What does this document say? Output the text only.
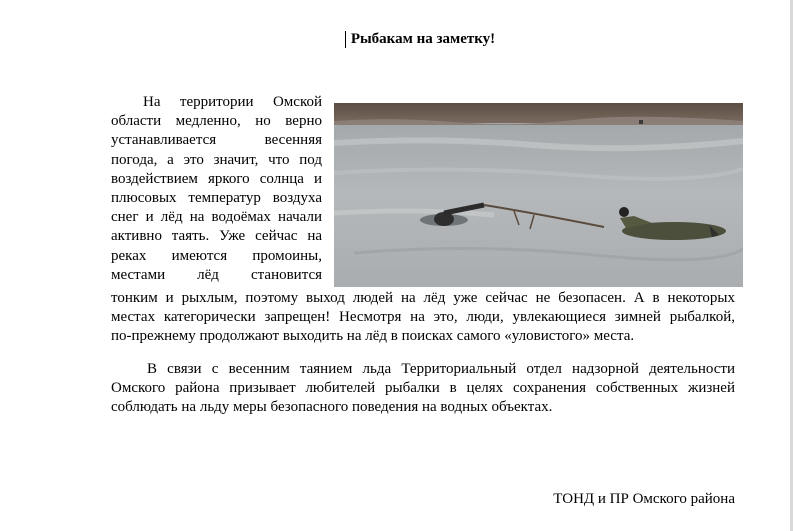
Рыбакам на заметку!
На территории Омской
области медленно, но верно
устанавливается весенняя
погода, а это значит, что под
воздействием яркого солнца и
плюсовых температур воздуха
снег и лёд на водоёмах начали
активно таять. Уже сейчас на
реках имеются промоины,
местами лёд становится
тонким и рыхлым, поэтому выход людей на лёд уже сейчас не безопасен. А в некоторых
местах категорически запрещен! Несмотря на это, люди, увлекающиеся зимней рыбалкой,
по-прежнему продолжают выходить на лёд в поисках самого «уловистого» места.
В связи с весенним таянием льда Территориальный отдел надзорной деятельности
Омского района призывает любителей рыбалки в целях сохранения собственных жизней
соблюдать на льду меры безопасного поведения на водных объектах.
ТОНД и ПР Омского района
